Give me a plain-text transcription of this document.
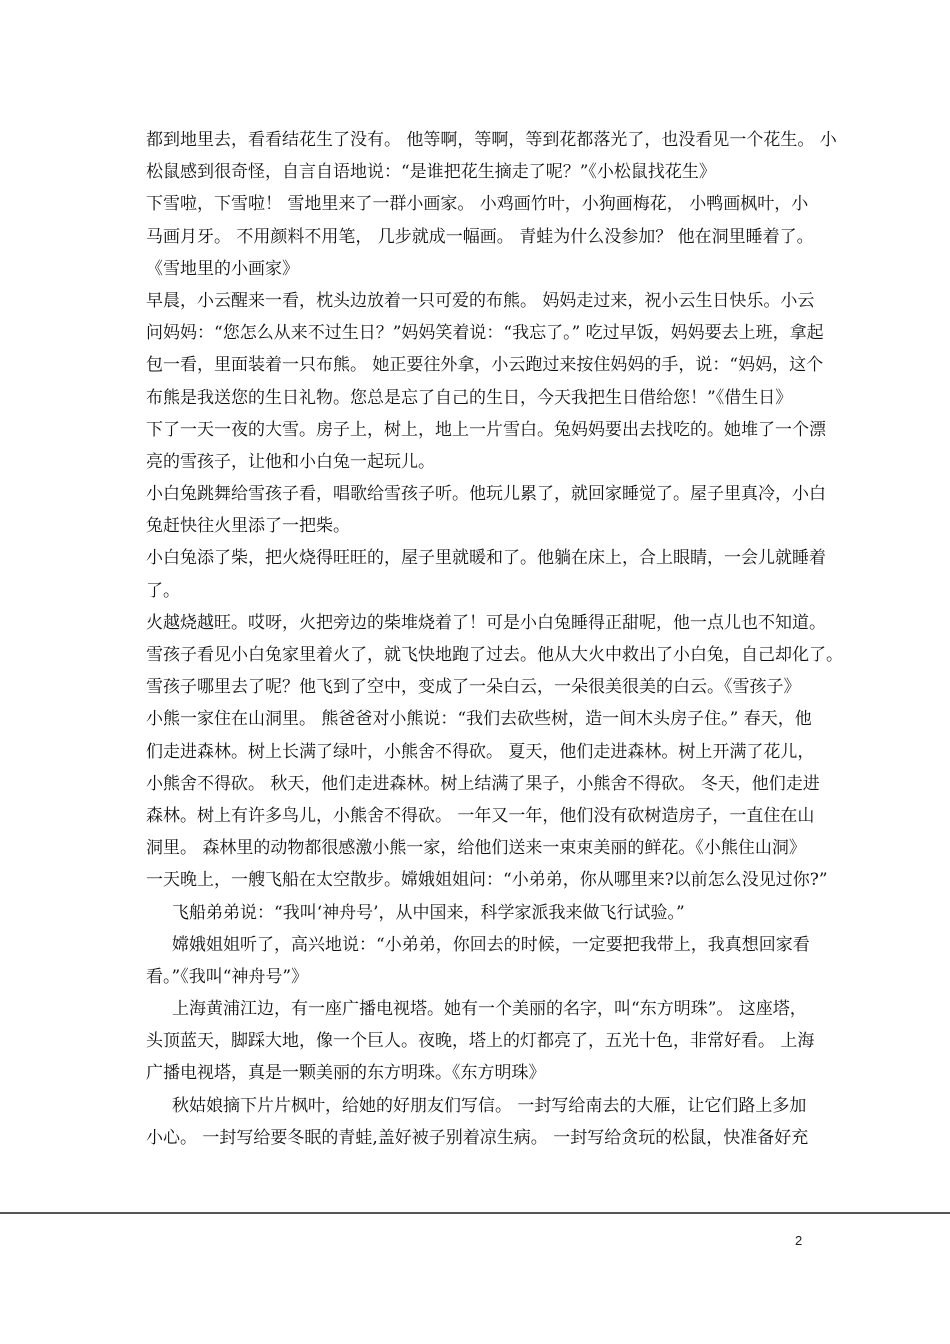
都到地里去，看看结花生了没有。 他等啊，等啊，等到花都落光了，也没看见一个花生。 小
松鼠感到很奇怪，自言自语地说：“是谁把花生摘走了呢？”《小松鼠找花生》
下雪啦，下雪啦！ 雪地里来了一群小画家。 小鸡画竹叶，小狗画梅花， 小鸭画枫叶，小
马画月牙。 不用颜料不用笔， 几步就成一幅画。 青蛙为什么没参加？ 他在洞里睡着了。
《雪地里的小画家》
早晨，小云醒来一看，枕头边放着一只可爱的布熊。 妈妈走过来，祝小云生日快乐。小云
问妈妈：“您怎么从来不过生日？”妈妈笑着说：“我忘了。” 吃过早饭，妈妈要去上班，拿起
包一看，里面装着一只布熊。 她正要往外拿，小云跑过来按住妈妈的手，说：“妈妈，这个
布熊是我送您的生日礼物。您总是忘了自己的生日，今天我把生日借给您！”《借生日》
下了一天一夜的大雪。房子上，树上，地上一片雪白。兔妈妈要出去找吃的。她堆了一个漂
亮的雪孩子，让他和小白兔一起玩儿。
小白兔跳舞给雪孩子看，唱歌给雪孩子听。他玩儿累了，就回家睡觉了。屋子里真冷，小白
兔赶快往火里添了一把柴。
小白兔添了柴，把火烧得旺旺的，屋子里就暖和了。他躺在床上，合上眼睛，一会儿就睡着
了。
火越烧越旺。哎呀，火把旁边的柴堆烧着了！可是小白兔睡得正甜呢，他一点儿也不知道。
雪孩子看见小白兔家里着火了，就飞快地跑了过去。他从大火中救出了小白兔，自己却化了。
雪孩子哪里去了呢？他飞到了空中，变成了一朵白云，一朵很美很美的白云。《雪孩子》
小熊一家住在山洞里。 熊爸爸对小熊说：“我们去砍些树，造一间木头房子住。” 春天，他
们走进森林。树上长满了绿叶，小熊舍不得砍。 夏天，他们走进森林。树上开满了花儿，
小熊舍不得砍。 秋天，他们走进森林。树上结满了果子，小熊舍不得砍。 冬天，他们走进
森林。树上有许多鸟儿，小熊舍不得砍。 一年又一年，他们没有砍树造房子，一直住在山
洞里。 森林里的动物都很感激小熊一家，给他们送来一束束美丽的鲜花。《小熊住山洞》
一天晚上，一艘飞船在太空散步。嫦娥姐姐问：“小弟弟，你从哪里来?以前怎么没见过你?”
飞船弟弟说：“我叫‘神舟号’，从中国来，科学家派我来做飞行试验。”
嫦娥姐姐听了，高兴地说：“小弟弟，你回去的时候，一定要把我带上，我真想回家看
看。”《我叫“神舟号”》
上海黄浦江边，有一座广播电视塔。她有一个美丽的名字，叫“东方明珠”。 这座塔，
头顶蓝天，脚踩大地，像一个巨人。夜晚，塔上的灯都亮了，五光十色，非常好看。 上海
广播电视塔，真是一颗美丽的东方明珠。《东方明珠》
秋姑娘摘下片片枫叶，给她的好朋友们写信。 一封写给南去的大雁，让它们路上多加
小心。 一封写给要冬眠的青蛙,盖好被子别着凉生病。 一封写给贪玩的松鼠，快准备好充
2
